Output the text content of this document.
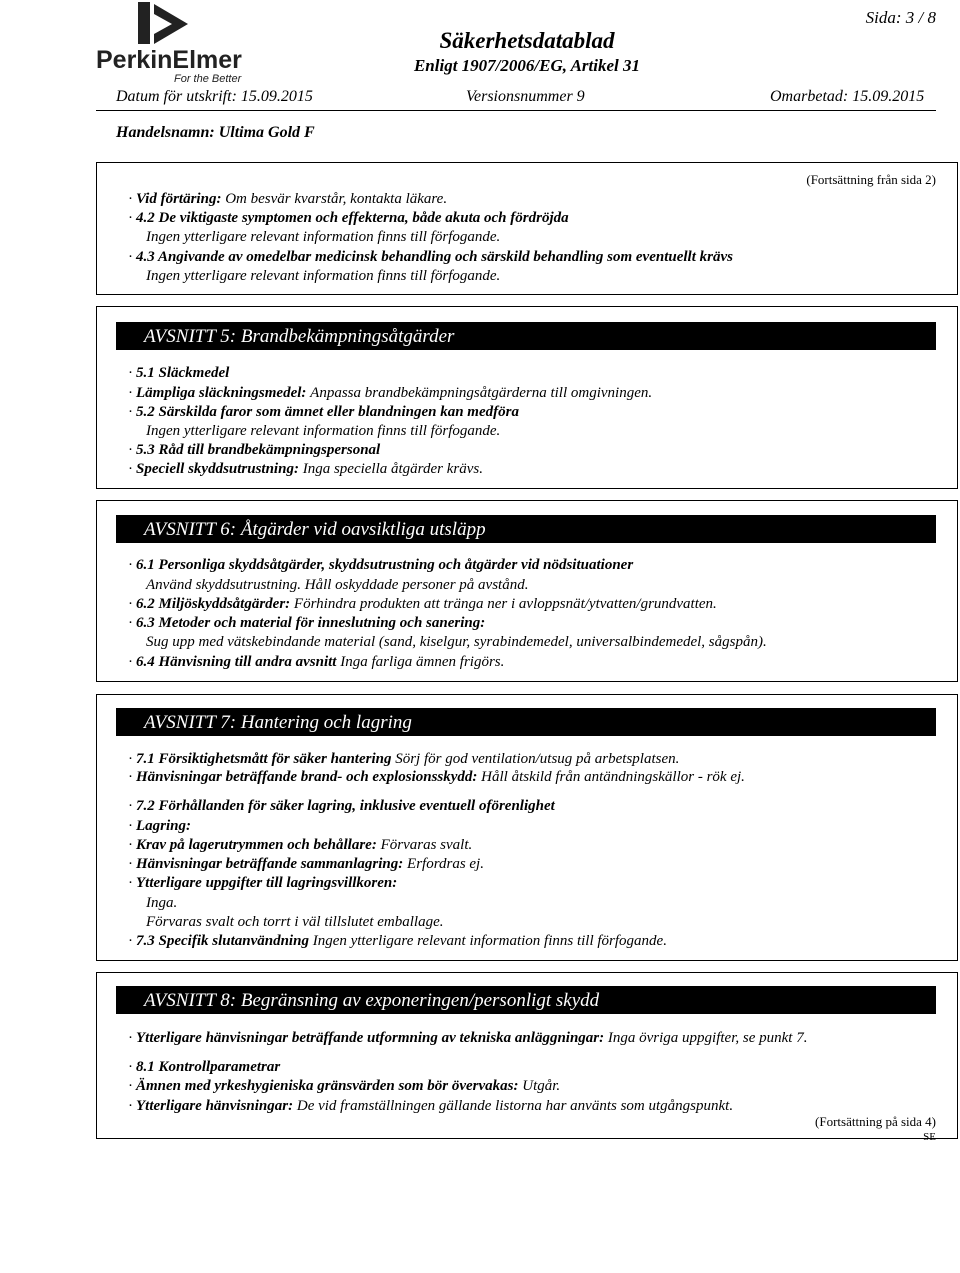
PerkinElmer
For the Better
Säkerhetsdatablad
Enligt 1907/2006/EG, Artikel 31
Sida: 3 / 8
Datum för utskrift: 15.09.2015	Versionsnummer 9	Omarbetad: 15.09.2015
Handelsnamn: Ultima Gold F
(Fortsättning från sida 2)
· Vid förtäring: Om besvär kvarstår, kontakta läkare.
· 4.2 De viktigaste symptomen och effekterna, både akuta och fördröjda
Ingen ytterligare relevant information finns till förfogande.
· 4.3 Angivande av omedelbar medicinsk behandling och särskild behandling som eventuellt krävs
Ingen ytterligare relevant information finns till förfogande.
AVSNITT 5: Brandbekämpningsåtgärder
· 5.1 Släckmedel
· Lämpliga släckningsmedel: Anpassa brandbekämpningsåtgärderna till omgivningen.
· 5.2 Särskilda faror som ämnet eller blandningen kan medföra
Ingen ytterligare relevant information finns till förfogande.
· 5.3 Råd till brandbekämpningspersonal
· Speciell skyddsutrustning: Inga speciella åtgärder krävs.
AVSNITT 6: Åtgärder vid oavsiktliga utsläpp
· 6.1 Personliga skyddsåtgärder, skyddsutrustning och åtgärder vid nödsituationer
Använd skyddsutrustning. Håll oskyddade personer på avstånd.
· 6.2 Miljöskyddsåtgärder: Förhindra produkten att tränga ner i avloppsnät/ytvatten/grundvatten.
· 6.3 Metoder och material för inneslutning och sanering:
Sug upp med vätskebindande material (sand, kiselgur, syrabindemedel, universalbindemedel, sågspån).
· 6.4 Hänvisning till andra avsnitt Inga farliga ämnen frigörs.
AVSNITT 7: Hantering och lagring
· 7.1 Försiktighetsmått för säker hantering Sörj för god ventilation/utsug på arbetsplatsen.
· Hänvisningar beträffande brand- och explosionsskydd: Håll åtskild från antändningskällor - rök ej.
· 7.2 Förhållanden för säker lagring, inklusive eventuell oförenlighet
· Lagring:
· Krav på lagerutrymmen och behållare: Förvaras svalt.
· Hänvisningar beträffande sammanlagring: Erfordras ej.
· Ytterligare uppgifter till lagringsvillkoren:
Inga.
Förvaras svalt och torrt i väl tillslutet emballage.
· 7.3 Specifik slutanvändning Ingen ytterligare relevant information finns till förfogande.
AVSNITT 8: Begränsning av exponeringen/personligt skydd
· Ytterligare hänvisningar beträffande utformning av tekniska anläggningar: Inga övriga uppgifter, se punkt 7.
· 8.1 Kontrollparametrar
· Ämnen med yrkeshygieniska gränsvärden som bör övervakas: Utgår.
· Ytterligare hänvisningar: De vid framställningen gällande listorna har använts som utgångspunkt.
(Fortsättning på sida 4)
SE
